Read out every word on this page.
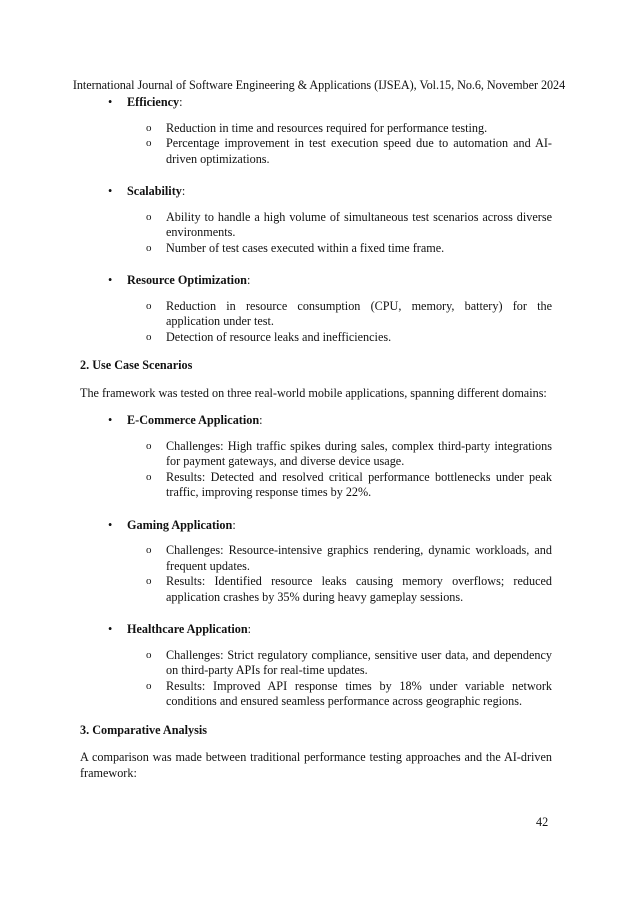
International Journal of Software Engineering & Applications (IJSEA), Vol.15, No.6, November 2024
• Efficiency:

o Reduction in time and resources required for performance testing.

o Percentage improvement in test execution speed due to automation and AI-driven optimizations.

• Scalability:

o Ability to handle a high volume of simultaneous test scenarios across diverse environments.

o Number of test cases executed within a fixed time frame.

• Resource Optimization:

o Reduction in resource consumption (CPU, memory, battery) for the application under test.

o Detection of resource leaks and inefficiencies.

2. Use Case Scenarios

The framework was tested on three real-world mobile applications, spanning different domains:

• E-Commerce Application:

o Challenges: High traffic spikes during sales, complex third-party integrations for payment gateways, and diverse device usage.

o Results: Detected and resolved critical performance bottlenecks under peak traffic, improving response times by 22%.

• Gaming Application:

o Challenges: Resource-intensive graphics rendering, dynamic workloads, and frequent updates.

o Results: Identified resource leaks causing memory overflows; reduced application crashes by 35% during heavy gameplay sessions.

• Healthcare Application:

o Challenges: Strict regulatory compliance, sensitive user data, and dependency on third-party APIs for real-time updates.

o Results: Improved API response times by 18% under variable network conditions and ensured seamless performance across geographic regions.

3. Comparative Analysis

A comparison was made between traditional performance testing approaches and the AI-driven framework:

42
